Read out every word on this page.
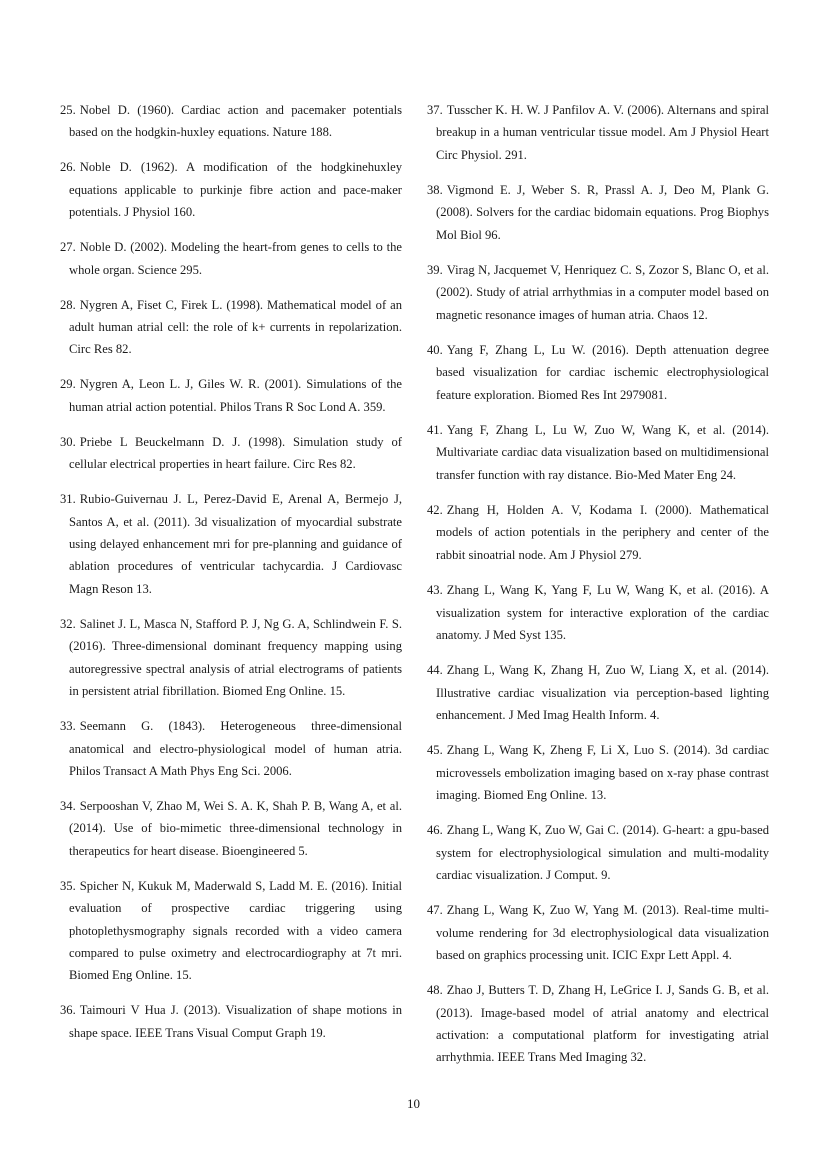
25. Nobel D. (1960). Cardiac action and pacemaker potentials based on the hodgkin-huxley equations. Nature 188.

26. Noble D. (1962). A modification of the hodgkinehuxley equations applicable to purkinje fibre action and pace-maker potentials. J Physiol 160.

27. Noble D. (2002). Modeling the heart-from genes to cells to the whole organ. Science 295.

28. Nygren A, Fiset C, Firek L. (1998). Mathematical model of an adult human atrial cell: the role of k+ currents in repolarization. Circ Res 82.

29. Nygren A, Leon L. J, Giles W. R. (2001). Simulations of the human atrial action potential. Philos Trans R Soc Lond A. 359.

30. Priebe L Beuckelmann D. J. (1998). Simulation study of cellular electrical properties in heart failure. Circ Res 82.

31. Rubio-Guivernau J. L, Perez-David E, Arenal A, Bermejo J, Santos A, et al. (2011). 3d visualization of myocardial substrate using delayed enhancement mri for pre-planning and guidance of ablation procedures of ventricular tachycardia. J Cardiovasc Magn Reson 13.

32. Salinet J. L, Masca N, Stafford P. J, Ng G. A, Schlindwein F. S. (2016). Three-dimensional dominant frequency mapping using autoregressive spectral analysis of atrial electrograms of patients in persistent atrial fibrillation. Biomed Eng Online. 15.

33. Seemann G. (1843). Heterogeneous three-dimensional anatomical and electro-physiological model of human atria. Philos Transact A Math Phys Eng Sci. 2006.

34. Serpooshan V, Zhao M, Wei S. A. K, Shah P. B, Wang A, et al. (2014). Use of bio-mimetic three-dimensional technology in therapeutics for heart disease. Bioengineered 5.

35. Spicher N, Kukuk M, Maderwald S, Ladd M. E. (2016). Initial evaluation of prospective cardiac triggering using photoplethysmography signals recorded with a video camera compared to pulse oximetry and electrocardiography at 7t mri. Biomed Eng Online. 15.

36. Taimouri V Hua J. (2013). Visualization of shape motions in shape space. IEEE Trans Visual Comput Graph 19.

37. Tusscher K. H. W. J Panfilov A. V. (2006). Alternans and spiral breakup in a human ventricular tissue model. Am J Physiol Heart Circ Physiol. 291.

38. Vigmond E. J, Weber S. R, Prassl A. J, Deo M, Plank G. (2008). Solvers for the cardiac bidomain equations. Prog Biophys Mol Biol 96.

39. Virag N, Jacquemet V, Henriquez C. S, Zozor S, Blanc O, et al. (2002). Study of atrial arrhythmias in a computer model based on magnetic resonance images of human atria. Chaos 12.

40. Yang F, Zhang L, Lu W. (2016). Depth attenuation degree based visualization for cardiac ischemic electrophysiological feature exploration. Biomed Res Int 2979081.

41. Yang F, Zhang L, Lu W, Zuo W, Wang K, et al. (2014). Multivariate cardiac data visualization based on multidimensional transfer function with ray distance. Bio-Med Mater Eng 24.

42. Zhang H, Holden A. V, Kodama I. (2000). Mathematical models of action potentials in the periphery and center of the rabbit sinoatrial node. Am J Physiol 279.

43. Zhang L, Wang K, Yang F, Lu W, Wang K, et al. (2016). A visualization system for interactive exploration of the cardiac anatomy. J Med Syst 135.

44. Zhang L, Wang K, Zhang H, Zuo W, Liang X, et al. (2014). Illustrative cardiac visualization via perception-based lighting enhancement. J Med Imag Health Inform. 4.

45. Zhang L, Wang K, Zheng F, Li X, Luo S. (2014). 3d cardiac microvessels embolization imaging based on x-ray phase contrast imaging. Biomed Eng Online. 13.

46. Zhang L, Wang K, Zuo W, Gai C. (2014). G-heart: a gpu-based system for electrophysiological simulation and multi-modality cardiac visualization. J Comput. 9.

47. Zhang L, Wang K, Zuo W, Yang M. (2013). Real-time multi-volume rendering for 3d electrophysiological data visualization based on graphics processing unit. ICIC Expr Lett Appl. 4.

48. Zhao J, Butters T. D, Zhang H, LeGrice I. J, Sands G. B, et al. (2013). Image-based model of atrial anatomy and electrical activation: a computational platform for investigating atrial arrhythmia. IEEE Trans Med Imaging 32.

10
